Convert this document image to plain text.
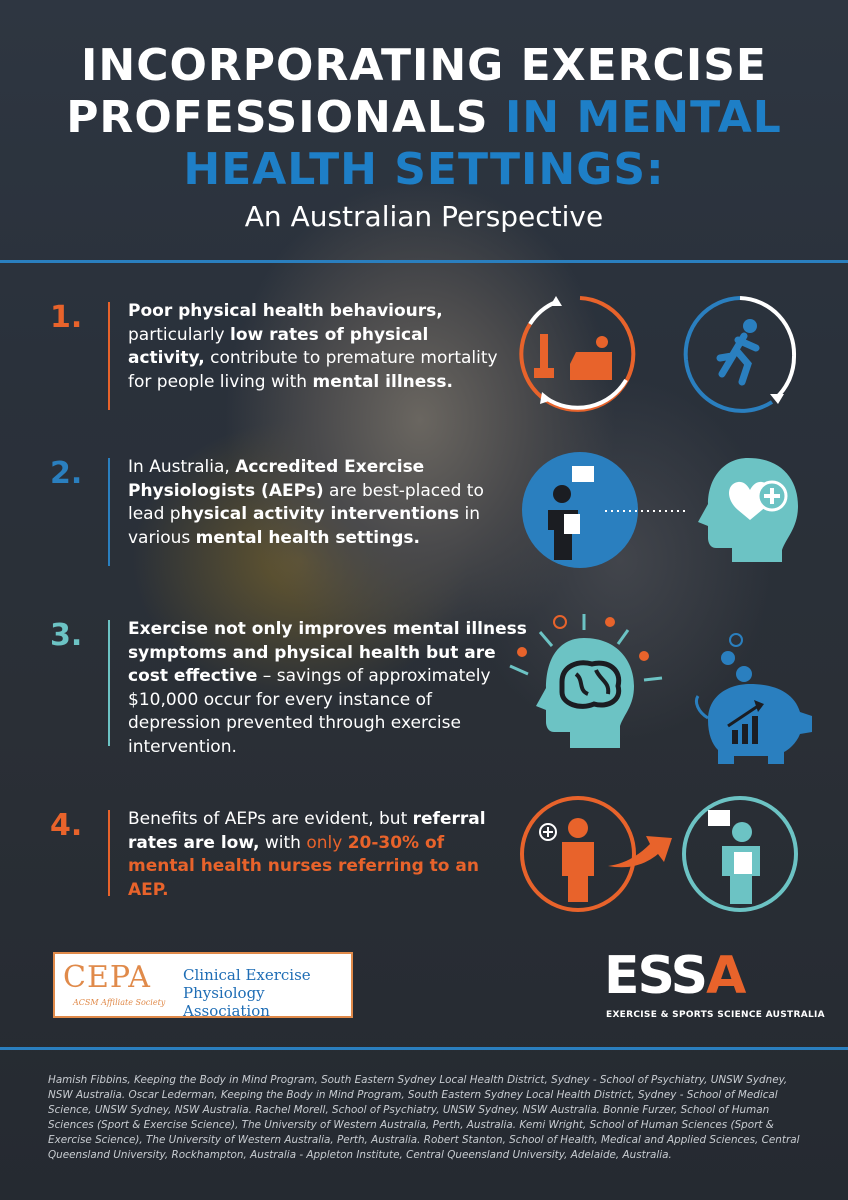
INCORPORATING EXERCISE
PROFESSIONALS IN MENTAL
HEALTH SETTINGS:
An Australian Perspective
1.	Poor physical health behaviours, particularly low rates of physical activity, contribute to premature mortality for people living with mental illness.
2.	In Australia, Accredited Exercise Physiologists (AEPs) are best-placed to lead physical activity interventions in various mental health settings.
3.	Exercise not only improves mental illness symptoms and physical health but are cost effective – savings of approximately $10,000 occur for every instance of depression prevented through exercise intervention.
4.	Benefits of AEPs are evident, but referral rates are low, with only 20-30% of mental health nurses referring to an AEP.
CEPA
ACSM Affiliate Society
Clinical Exercise Physiology Association
ESSA
EXERCISE & SPORTS SCIENCE AUSTRALIA
Hamish Fibbins, Keeping the Body in Mind Program, South Eastern Sydney Local Health District, Sydney - School of Psychiatry, UNSW Sydney, NSW Australia. Oscar Lederman, Keeping the Body in Mind Program, South Eastern Sydney Local Health District, Sydney - School of Medical Science, UNSW Sydney, NSW Australia. Rachel Morell, School of Psychiatry, UNSW Sydney, NSW Australia. Bonnie Furzer, School of Human Sciences (Sport & Exercise Science), The University of Western Australia, Perth, Australia. Kemi Wright, School of Human Sciences (Sport & Exercise Science), The University of Western Australia, Perth, Australia. Robert Stanton, School of Health, Medical and Applied Sciences, Central Queensland University, Rockhampton, Australia - Appleton Institute, Central Queensland University, Adelaide, Australia.
